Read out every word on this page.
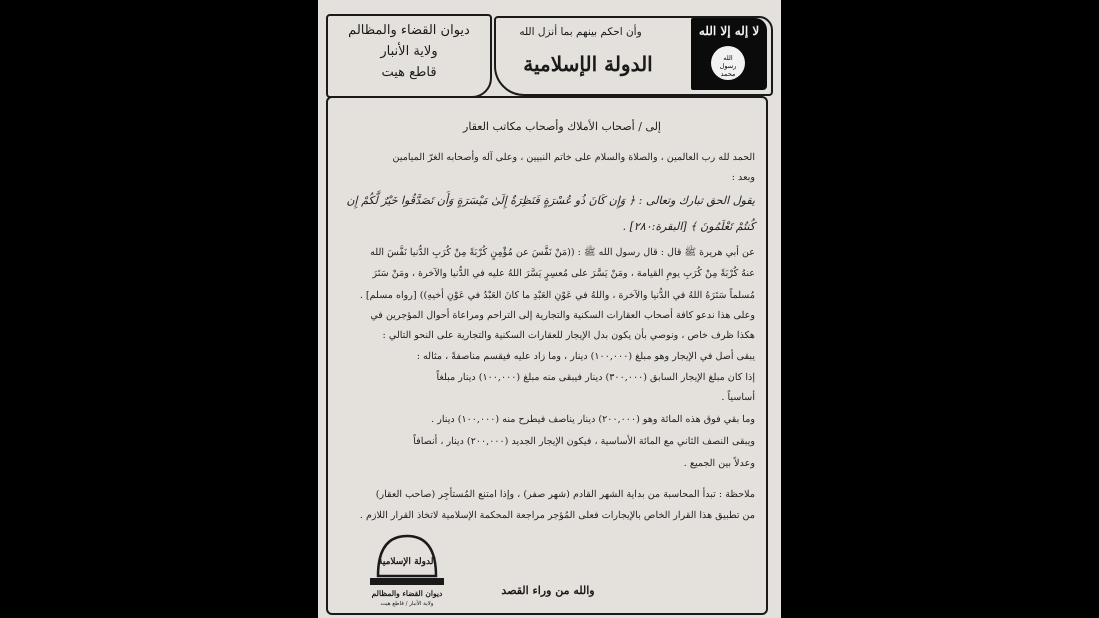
ديوان القضاء والمظالم
ولاية الأنبار
قاطع هيت
وأن احكم بينهم بما أنزل الله
الدولة الإسلامية
لا إله إلا الله
الله
رسول
محمد
إلى / أصحاب الأملاك وأصحاب مكاتب العقار
الحمد لله رب العالمين ، والصلاة والسلام على خاتم النبيين ، وعلى آله وأصحابه الغرّ الميامين
وبعد :
يقول الحق تبارك وتعالى : ﴿ وَإِن كَانَ ذُو عُسْرَةٍ فَنَظِرَةٌ إِلَىٰ مَيْسَرَةٍ وَأَن تَصَدَّقُوا خَيْرٌ لَّكُمْ إِن
كُنتُمْ تَعْلَمُونَ ﴾ [البقرة:٢٨٠] .
عن أبي هريرة ﷺ قال : قال رسول الله ﷺ : ((مَنْ نَفَّسَ عن مُؤْمِنٍ كُرْبَةً مِنْ كُرَبِ الدُّنيا نَفَّسَ الله
عنهُ كُرْبَةً مِنْ كُرَبِ يومِ القيامة ، ومَنْ يَسَّرَ على مُعسِرٍ يَسَّرَ اللهُ عليه في الدُّنيا والآخرة ، ومَنْ سَتَرَ
مُسلماً سَتَرَهُ اللهُ في الدُّنيا والآخرة ، واللهُ في عَوْنِ العَبْدِ ما كانَ العَبْدُ في عَوْنِ أخيهِ)) [رواه مسلم] .
وعلى هذا ندعو كافة أصحاب العقارات السكنية والتجارية إلى التراحم ومراعاة أحوال المؤجرين في
هكذا ظرف خاص ، ونوصي بأن يكون بدل الإيجار للعقارات السكنية والتجارية على النحو التالي :
يبقى أصل في الإيجار وهو مبلغ (١٠٠,٠٠٠) دينار ، وما زاد عليه فيقسم مناصفةً ، مثاله :
إذا كان مبلغ الإيجار السابق (٣٠٠,٠٠٠) دينار فيبقى منه مبلغ (١٠٠,٠٠٠) دينار مبلغاً
أساسياً .
وما بقي فوق هذه المائة وهو (٢٠٠,٠٠٠) دينار يناصف فيطرح منه (١٠٠,٠٠٠) دينار .
ويبقى النصف الثاني مع المائة الأساسية ، فيكون الإيجار الجديد (٢٠٠,٠٠٠) دينار ، أنصافاً
وعدلاً بين الجميع .
ملاحظة : تبدأ المحاسبة من بداية الشهر القادم (شهر صفر) ، وإذا امتنع المُستأجِر (صاحب العقار)
من تطبيق هذا القرار الخاص بالإيجارات فعلى المُؤجر مراجعة المحكمة الإسلامية لاتخاذ القرار اللازم .
الدولة الإسلامية
ديوان القضاء والمظالم
ولاية الأنبار / قاطع هيت
والله من وراء القصد
